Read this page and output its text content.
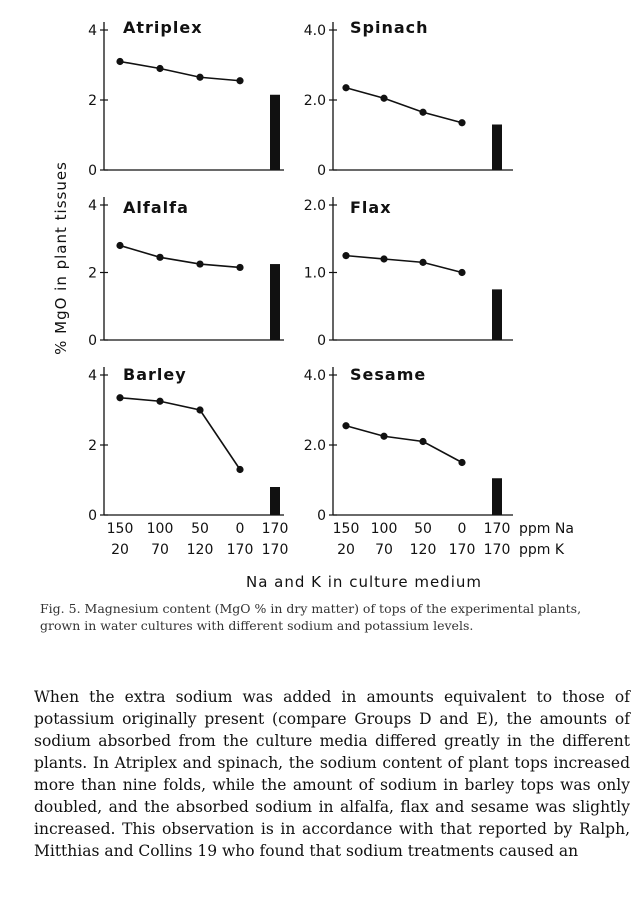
0
2
4 Atriplex
0
2.0
4.0 Spinach
0
2
4 Alfalfa
0
1.0
2.0 Flax
0
2
4 Barley
0
2.0
4.0 Sesame
% MgO in plant tissues
150 100 50 0 170
20 70 120 170 170
150 100 50 0 170
20 70 120 170 170
ppm Na
ppm K
Na and K in culture medium
Fig. 5. Magnesium content (MgO % in dry matter) of tops of the experimental plants, grown in water cultures with different sodium and potassium levels.

When the extra sodium was added in amounts equivalent to those of potassium originally present (compare Groups D and E), the amounts of sodium absorbed from the culture media differed greatly in the different plants. In Atriplex and spinach, the sodium content of plant tops increased more than nine folds, while the amount of sodium in barley tops was only doubled, and the absorbed sodium in alfalfa, flax and sesame was slightly increased. This observation is in accordance with that reported by Ralph, Mitthias and Collins 19 who found that sodium treatments caused an
